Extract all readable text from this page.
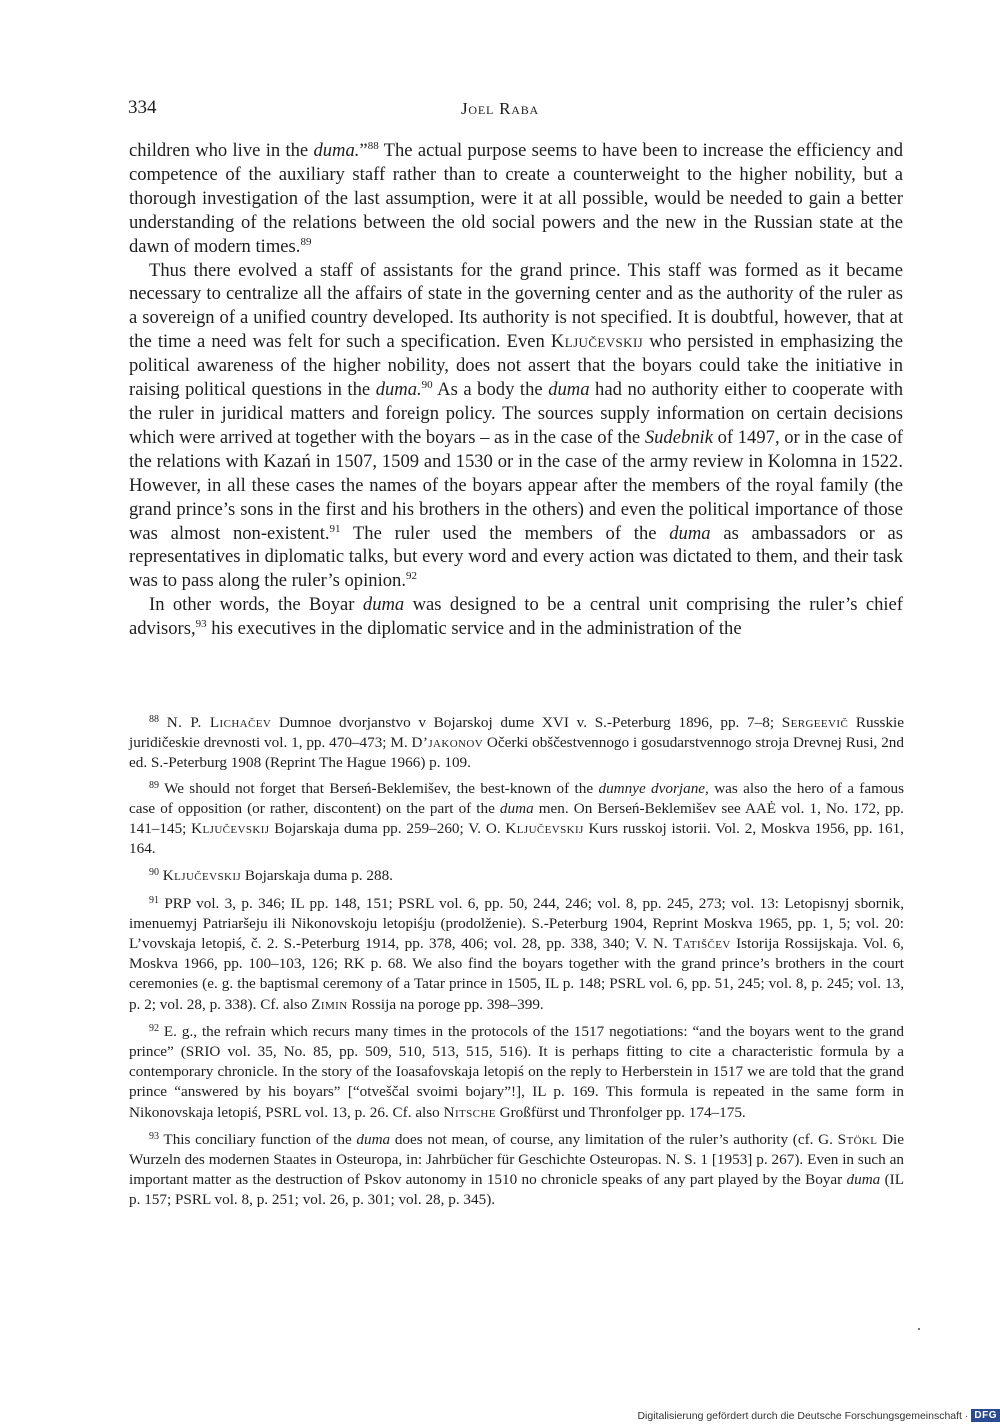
334	Joel Raba

children who live in the duma.”$^{88}$ The actual purpose seems to have been to increase the efficiency and competence of the auxiliary staff rather than to create a counterweight to the higher nobility, but a thorough investigation of the last assumption, were it at all possible, would be needed to gain a better understanding of the relations between the old social powers and the new in the Russian state at the dawn of modern times.$^{89}$

Thus there evolved a staff of assistants for the grand prince. This staff was formed as it became necessary to centralize all the affairs of state in the governing center and as the authority of the ruler as a sovereign of a unified country developed. Its authority is not specified. It is doubtful, however, that at the time a need was felt for such a specification. Even Ključevskij who persisted in emphasizing the political awareness of the higher nobility, does not assert that the boyars could take the initiative in raising political questions in the duma.$^{90}$ As a body the duma had no authority either to cooperate with the ruler in juridical matters and foreign policy. The sources supply information on certain decisions which were arrived at together with the boyars – as in the case of the Sudebnik of 1497, or in the case of the relations with Kazań in 1507, 1509 and 1530 or in the case of the army review in Kolomna in 1522. However, in all these cases the names of the boyars appear after the members of the royal family (the grand prince’s sons in the first and his brothers in the others) and even the political importance of those was almost non-existent.$^{91}$ The ruler used the members of the duma as ambassadors or as representatives in diplomatic talks, but every word and every action was dictated to them, and their task was to pass along the ruler’s opinion.$^{92}$

In other words, the Boyar duma was designed to be a central unit comprising the ruler’s chief advisors,$^{93}$ his executives in the diplomatic service and in the administration of the

$^{88}$ N. P. Lichačev Dumnoe dvorjanstvo v Bojarskoj dume XVI v. S.-Peterburg 1896, pp. 7–8; Sergeevič Russkie juridičeskie drevnosti vol. 1, pp. 470–473; M. D’jakonov Očerki obščestvennogo i gosudarstvennogo stroja Drevnej Rusi, 2nd ed. S.-Peterburg 1908 (Reprint The Hague 1966) p. 109.

$^{89}$ We should not forget that Berseń-Beklemišev, the best-known of the dumnye dvorjane, was also the hero of a famous case of opposition (or rather, discontent) on the part of the duma men. On Berseń-Beklemišev see AAĖ vol. 1, No. 172, pp. 141–145; Ključevskij Bojarskaja duma pp. 259–260; V. O. Ključevskij Kurs russkoj istorii. Vol. 2, Moskva 1956, pp. 161, 164.

$^{90}$ Ključevskij Bojarskaja duma p. 288.

$^{91}$ PRP vol. 3, p. 346; IL pp. 148, 151; PSRL vol. 6, pp. 50, 244, 246; vol. 8, pp. 245, 273; vol. 13: Letopisnyj sbornik, imenuemyj Patriaršeju ili Nikonovskoju letopiśju (prodolženie). S.-Peterburg 1904, Reprint Moskva 1965, pp. 1, 5; vol. 20: L’vovskaja letopiś, č. 2. S.-Peterburg 1914, pp. 378, 406; vol. 28, pp. 338, 340; V. N. Tatiščev Istorija Rossijskaja. Vol. 6, Moskva 1966, pp. 100–103, 126; RK p. 68. We also find the boyars together with the grand prince’s brothers in the court ceremonies (e. g. the baptismal ceremony of a Tatar prince in 1505, IL p. 148; PSRL vol. 6, pp. 51, 245; vol. 8, p. 245; vol. 13, p. 2; vol. 28, p. 338). Cf. also Zimin Rossija na poroge pp. 398–399.

$^{92}$ E. g., the refrain which recurs many times in the protocols of the 1517 negotiations: “and the boyars went to the grand prince” (SRIO vol. 35, No. 85, pp. 509, 510, 513, 515, 516). It is perhaps fitting to cite a characteristic formula by a contemporary chronicle. In the story of the Ioasafovskaja letopiś on the reply to Herberstein in 1517 we are told that the grand prince “answered by his boyars” [“otveščal svoimi bojary”!], IL p. 169. This formula is repeated in the same form in Nikonovskaja letopiś, PSRL vol. 13, p. 26. Cf. also Nitsche Großfürst und Thronfolger pp. 174–175.

$^{93}$ This conciliary function of the duma does not mean, of course, any limitation of the ruler’s authority (cf. G. Stökl Die Wurzeln des modernen Staates in Osteuropa, in: Jahrbücher für Geschichte Osteuropas. N. S. 1 [1953] p. 267). Even in such an important matter as the destruction of Pskov autonomy in 1510 no chronicle speaks of any part played by the Boyar duma (IL p. 157; PSRL vol. 8, p. 251; vol. 26, p. 301; vol. 28, p. 345).

Digitalisierung gefördert durch die Deutsche Forschungsgemeinschaft · DFG
